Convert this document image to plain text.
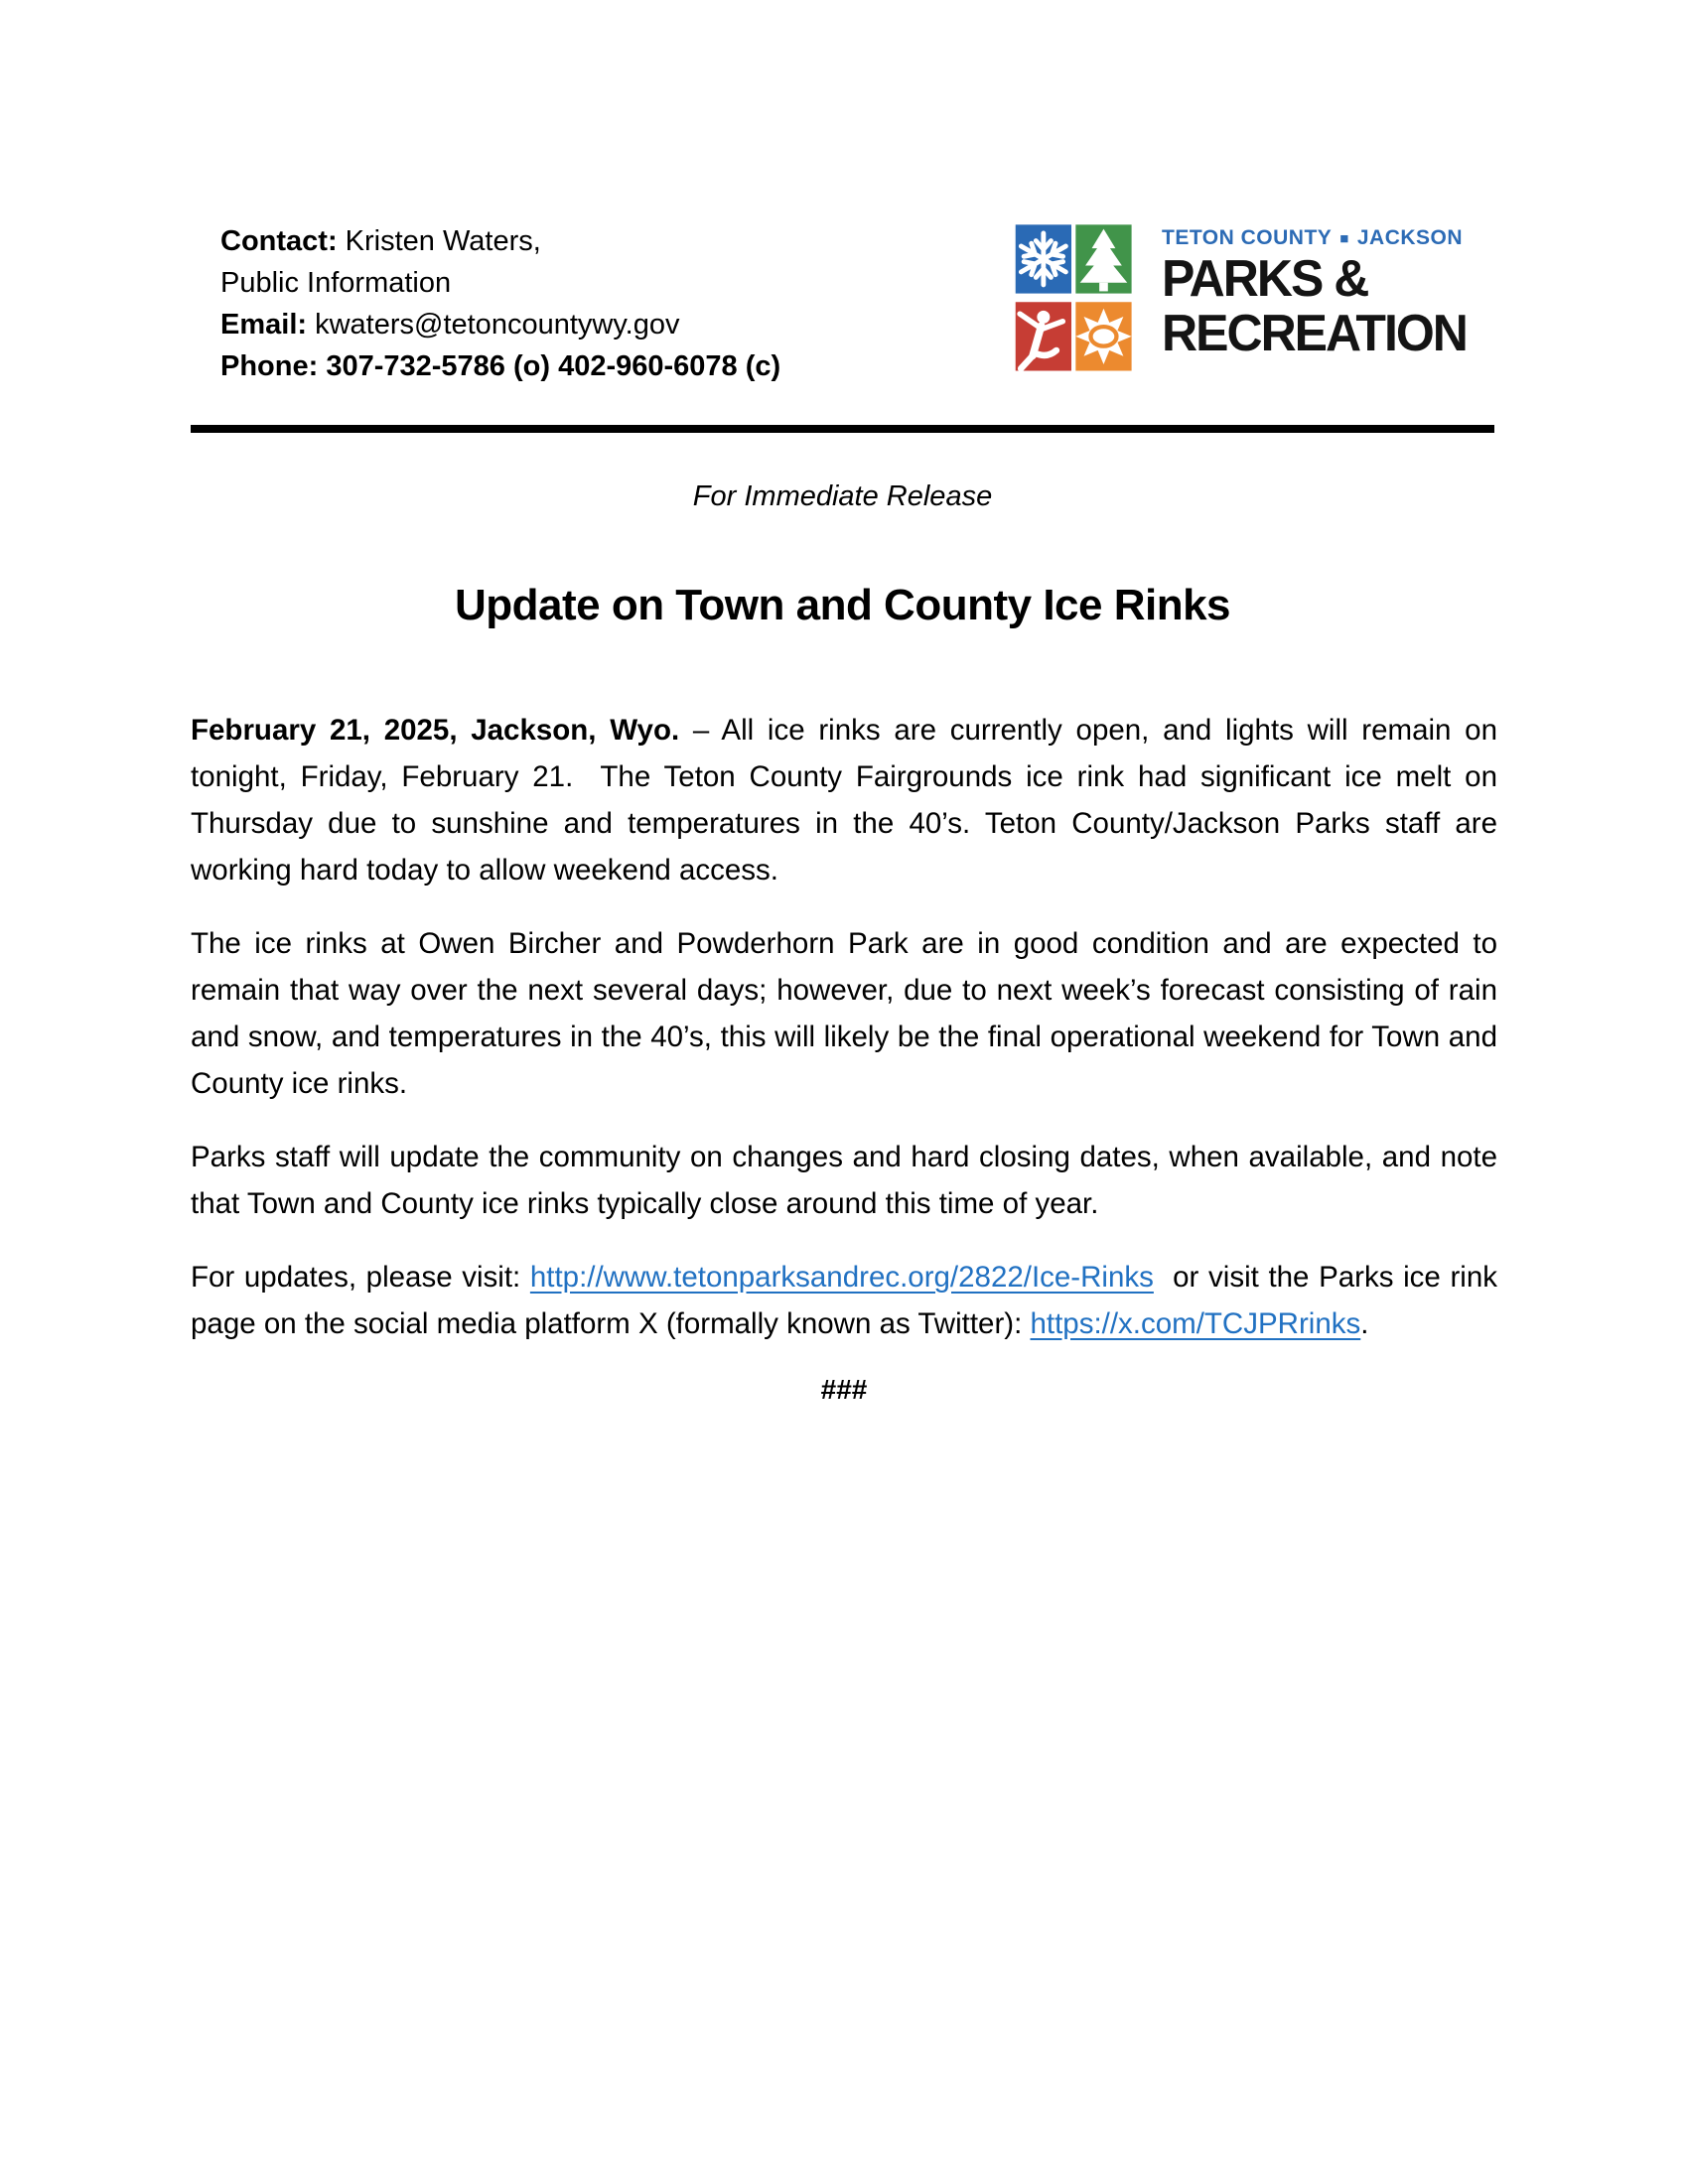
Contact: Kristen Waters,
Public Information
Email: kwaters@tetoncountywy.gov
Phone: 307-732-5786 (o) 402-960-6078 (c)
TETON COUNTY ■ JACKSON
PARKS &
RECREATION
For Immediate Release
Update on Town and County Ice Rinks

February 21, 2025, Jackson, Wyo. – All ice rinks are currently open, and lights will remain on tonight, Friday, February 21.  The Teton County Fairgrounds ice rink had significant ice melt on Thursday due to sunshine and temperatures in the 40’s. Teton County/Jackson Parks staff are working hard today to allow weekend access.

The ice rinks at Owen Bircher and Powderhorn Park are in good condition and are expected to remain that way over the next several days; however, due to next week’s forecast consisting of rain and snow, and temperatures in the 40’s, this will likely be the final operational weekend for Town and County ice rinks.

Parks staff will update the community on changes and hard closing dates, when available, and note that Town and County ice rinks typically close around this time of year.

For updates, please visit: http://www.tetonparksandrec.org/2822/Ice-Rinks  or visit the Parks ice rink page on the social media platform X (formally known as Twitter): https://x.com/TCJPRrinks.

###
